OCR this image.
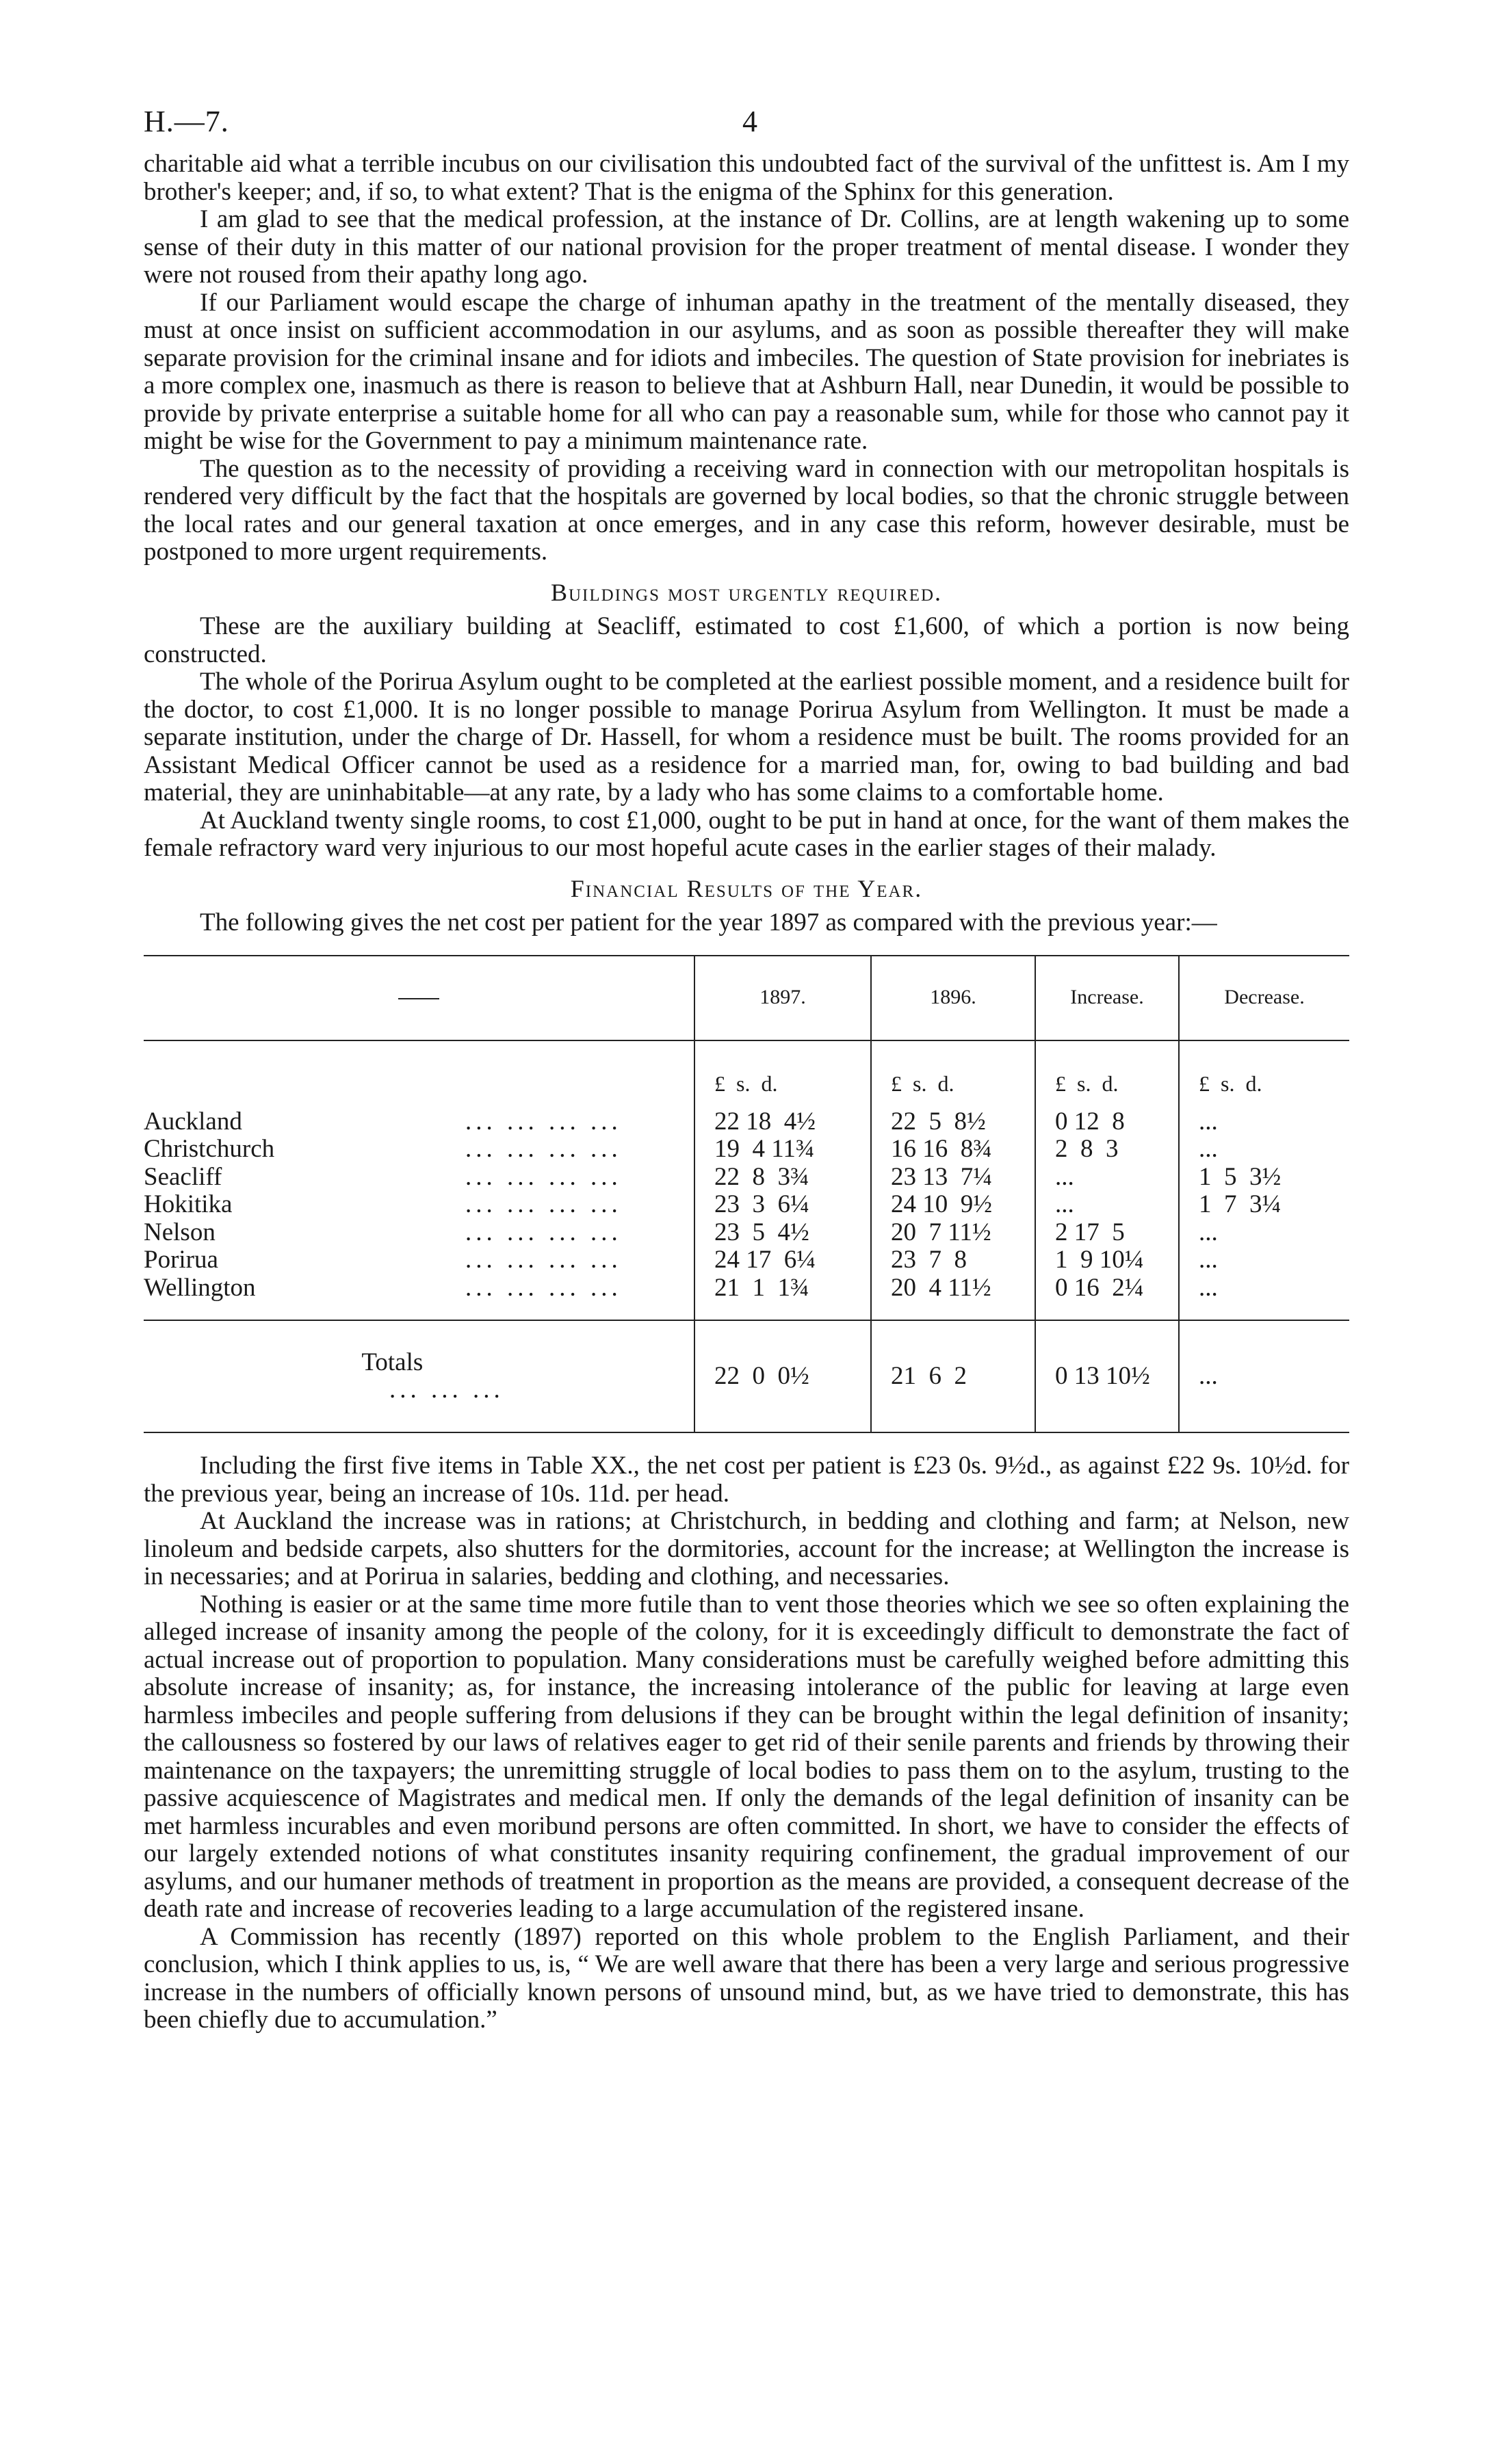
H.—7.	4

charitable aid what a terrible incubus on our civilisation this undoubted fact of the survival of the unfittest is. Am I my brother's keeper; and, if so, to what extent? That is the enigma of the Sphinx for this generation.

I am glad to see that the medical profession, at the instance of Dr. Collins, are at length wakening up to some sense of their duty in this matter of our national provision for the proper treatment of mental disease. I wonder they were not roused from their apathy long ago.

If our Parliament would escape the charge of inhuman apathy in the treatment of the mentally diseased, they must at once insist on sufficient accommodation in our asylums, and as soon as possible thereafter they will make separate provision for the criminal insane and for idiots and imbeciles. The question of State provision for inebriates is a more complex one, inasmuch as there is reason to believe that at Ashburn Hall, near Dunedin, it would be possible to provide by private enterprise a suitable home for all who can pay a reasonable sum, while for those who cannot pay it might be wise for the Government to pay a minimum maintenance rate.

The question as to the necessity of providing a receiving ward in connection with our metropolitan hospitals is rendered very difficult by the fact that the hospitals are governed by local bodies, so that the chronic struggle between the local rates and our general taxation at once emerges, and in any case this reform, however desirable, must be postponed to more urgent requirements.

Buildings most urgently required.

These are the auxiliary building at Seacliff, estimated to cost £1,600, of which a portion is now being constructed.

The whole of the Porirua Asylum ought to be completed at the earliest possible moment, and a residence built for the doctor, to cost £1,000. It is no longer possible to manage Porirua Asylum from Wellington. It must be made a separate institution, under the charge of Dr. Hassell, for whom a residence must be built. The rooms provided for an Assistant Medical Officer cannot be used as a residence for a married man, for, owing to bad building and bad material, they are uninhabitable—at any rate, by a lady who has some claims to a comfortable home.

At Auckland twenty single rooms, to cost £1,000, ought to be put in hand at once, for the want of them makes the female refractory ward very injurious to our most hopeful acute cases in the earlier stages of their malady.

Financial Results of the Year.

The following gives the net cost per patient for the year 1897 as compared with the previous year:—

	1897.	1896.	Increase.	Decrease.
	£  s.  d.	£  s.  d.	£  s.  d.	£  s.  d.
Auckland ... ... ... ...	22 18  4½	22  5  8½	0 12  8	...
Christchurch ... ... ... ...	19  4 11¾	16 16  8¾	2  8  3	...
Seacliff ... ... ... ...	22  8  3¾	23 13  7¼	...	1  5  3½
Hokitika ... ... ... ...	23  3  6¼	24 10  9½	...	1  7  3¼
Nelson ... ... ... ...	23  5  4½	20  7 11½	2 17  5	...
Porirua ... ... ... ...	24 17  6¼	23  7  8	1  9 10¼	...
Wellington ... ... ... ...	21  1  1¾	20  4 11½	0 16  2¼	...

Totals
... ... ...	22  0  0½	21  6  2	0 13 10½	...

Including the first five items in Table XX., the net cost per patient is £23 0s. 9½d., as against £22 9s. 10½d. for the previous year, being an increase of 10s. 11d. per head.

At Auckland the increase was in rations; at Christchurch, in bedding and clothing and farm; at Nelson, new linoleum and bedside carpets, also shutters for the dormitories, account for the increase; at Wellington the increase is in necessaries; and at Porirua in salaries, bedding and clothing, and necessaries.

Nothing is easier or at the same time more futile than to vent those theories which we see so often explaining the alleged increase of insanity among the people of the colony, for it is exceedingly difficult to demonstrate the fact of actual increase out of proportion to population. Many considerations must be carefully weighed before admitting this absolute increase of insanity; as, for instance, the increasing intolerance of the public for leaving at large even harmless imbeciles and people suffering from delusions if they can be brought within the legal definition of insanity; the callousness so fostered by our laws of relatives eager to get rid of their senile parents and friends by throwing their maintenance on the taxpayers; the unremitting struggle of local bodies to pass them on to the asylum, trusting to the passive acquiescence of Magistrates and medical men. If only the demands of the legal definition of insanity can be met harmless incurables and even moribund persons are often committed. In short, we have to consider the effects of our largely extended notions of what constitutes insanity requiring confinement, the gradual improvement of our asylums, and our humaner methods of treatment in proportion as the means are provided, a consequent decrease of the death rate and increase of recoveries leading to a large accumulation of the registered insane.

A Commission has recently (1897) reported on this whole problem to the English Parliament, and their conclusion, which I think applies to us, is, “ We are well aware that there has been a very large and serious progressive increase in the numbers of officially known persons of unsound mind, but, as we have tried to demonstrate, this has been chiefly due to accumulation.”
